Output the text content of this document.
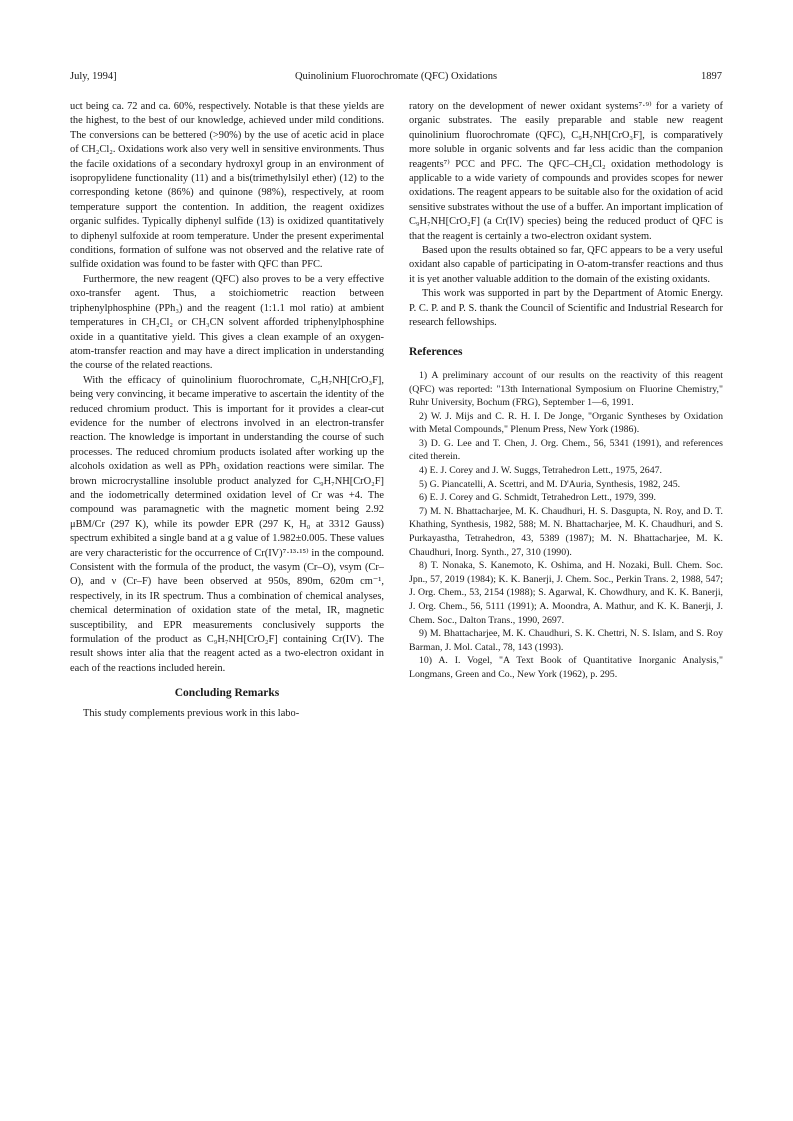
July, 1994]	Quinolinium Fluorochromate (QFC) Oxidations	1897

uct being ca. 72 and ca. 60%, respectively. Notable is that these yields are the highest, to the best of our knowledge, achieved under mild conditions. The conversions can be bettered (>90%) by the use of acetic acid in place of CH₂Cl₂. Oxidations work also very well in sensitive environments. Thus the facile oxidations of a secondary hydroxyl group in an environment of isopropylidene functionality (11) and a bis(trimethylsilyl ether) (12) to the corresponding ketone (86%) and quinone (98%), respectively, at room temperature support the contention. In addition, the reagent oxidizes organic sulfides. Typically diphenyl sulfide (13) is oxidized quantitatively to diphenyl sulfoxide at room temperature. Under the present experimental conditions, formation of sulfone was not observed and the relative rate of sulfide oxidation was found to be faster with QFC than PFC.

Furthermore, the new reagent (QFC) also proves to be a very effective oxo-transfer agent. Thus, a stoichiometric reaction between triphenylphosphine (PPh₃) and the reagent (1:1.1 mol ratio) at ambient temperatures in CH₂Cl₂ or CH₃CN solvent afforded triphenylphosphine oxide in a quantitative yield. This gives a clean example of an oxygen-atom-transfer reaction and may have a direct implication in understanding the course of the related reactions.

With the efficacy of quinolinium fluorochromate, C₉H₇NH[CrO₃F], being very convincing, it became imperative to ascertain the identity of the reduced chromium product. This is important for it provides a clear-cut evidence for the number of electrons involved in an electron-transfer reaction. The knowledge is important in understanding the course of such processes. The reduced chromium products isolated after working up the alcohols oxidation as well as PPh₃ oxidation reactions were similar. The brown microcrystalline insoluble product analyzed for C₉H₇NH[CrO₂F] and the iodometrically determined oxidation level of Cr was +4. The compound was paramagnetic with the magnetic moment being 2.92 μBM/Cr (297 K), while its powder EPR (297 K, H₀ at 3312 Gauss) spectrum exhibited a single band at a g value of 1.982±0.005. These values are very characteristic for the occurrence of Cr(IV)⁷·¹³·¹⁵⁾ in the compound. Consistent with the formula of the product, the νasym (Cr–O), νsym (Cr–O), and ν (Cr–F) have been observed at 950s, 890m, 620m cm⁻¹, respectively, in its IR spectrum. Thus a combination of chemical analyses, chemical determination of oxidation state of the metal, IR, magnetic susceptibility, and EPR measurements conclusively supports the formulation of the product as C₉H₇NH[CrO₂F] containing Cr(IV). The result shows inter alia that the reagent acted as a two-electron oxidant in each of the reactions included herein.

Concluding Remarks

This study complements previous work in this labo-

ratory on the development of newer oxidant systems⁷·⁹⁾ for a variety of organic substrates. The easily preparable and stable new reagent quinolinium fluorochromate (QFC), C₉H₇NH[CrO₃F], is comparatively more soluble in organic solvents and far less acidic than the companion reagents⁷⁾ PCC and PFC. The QFC–CH₂Cl₂ oxidation methodology is applicable to a wide variety of compounds and provides scopes for newer oxidations. The reagent appears to be suitable also for the oxidation of acid sensitive substrates without the use of a buffer. An important implication of C₉H₇NH[CrO₂F] (a Cr(IV) species) being the reduced product of QFC is that the reagent is certainly a two-electron oxidant system.

Based upon the results obtained so far, QFC appears to be a very useful oxidant also capable of participating in O-atom-transfer reactions and thus it is yet another valuable addition to the domain of the existing oxidants.

This work was supported in part by the Department of Atomic Energy. P. C. P. and P. S. thank the Council of Scientific and Industrial Research for research fellowships.

References

1) A preliminary account of our results on the reactivity of this reagent (QFC) was reported: "13th International Symposium on Fluorine Chemistry," Ruhr University, Bochum (FRG), September 1—6, 1991.

2) W. J. Mijs and C. R. H. I. De Jonge, "Organic Syntheses by Oxidation with Metal Compounds," Plenum Press, New York (1986).

3) D. G. Lee and T. Chen, J. Org. Chem., 56, 5341 (1991), and references cited therein.

4) E. J. Corey and J. W. Suggs, Tetrahedron Lett., 1975, 2647.

5) G. Piancatelli, A. Scettri, and M. D'Auria, Synthesis, 1982, 245.

6) E. J. Corey and G. Schmidt, Tetrahedron Lett., 1979, 399.

7) M. N. Bhattacharjee, M. K. Chaudhuri, H. S. Dasgupta, N. Roy, and D. T. Khathing, Synthesis, 1982, 588; M. N. Bhattacharjee, M. K. Chaudhuri, and S. Purkayastha, Tetrahedron, 43, 5389 (1987); M. N. Bhattacharjee, M. K. Chaudhuri, Inorg. Synth., 27, 310 (1990).

8) T. Nonaka, S. Kanemoto, K. Oshima, and H. Nozaki, Bull. Chem. Soc. Jpn., 57, 2019 (1984); K. K. Banerji, J. Chem. Soc., Perkin Trans. 2, 1988, 547; J. Org. Chem., 53, 2154 (1988); S. Agarwal, K. Chowdhury, and K. K. Banerji, J. Org. Chem., 56, 5111 (1991); A. Moondra, A. Mathur, and K. K. Banerji, J. Chem. Soc., Dalton Trans., 1990, 2697.

9) M. Bhattacharjee, M. K. Chaudhuri, S. K. Chettri, N. S. Islam, and S. Roy Barman, J. Mol. Catal., 78, 143 (1993).

10) A. I. Vogel, "A Text Book of Quantitative Inorganic Analysis," Longmans, Green and Co., New York (1962), p. 295.
